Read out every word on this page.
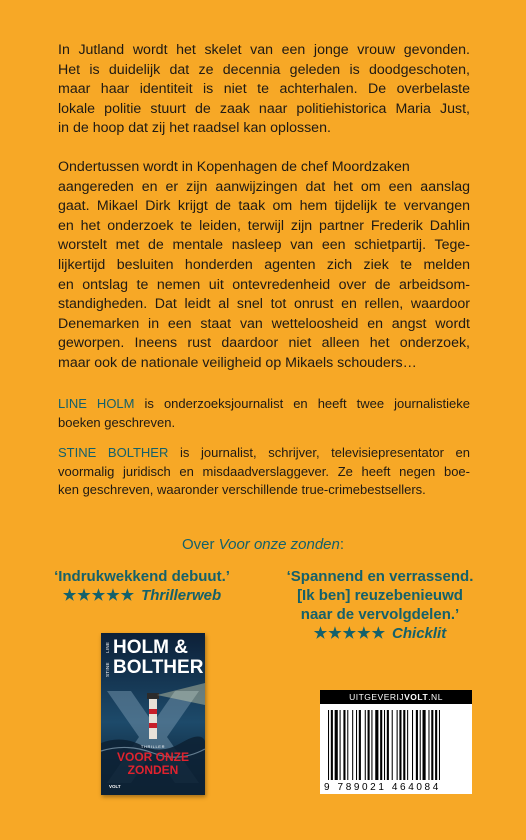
In Jutland wordt het skelet van een jonge vrouw gevonden.
Het is duidelijk dat ze decennia geleden is doodgeschoten,
maar haar identiteit is niet te achterhalen. De overbelaste
lokale politie stuurt de zaak naar politiehistorica Maria Just,
in de hoop dat zij het raadsel kan oplossen.

Ondertussen wordt in Kopenhagen de chef Moordzaken
aangereden en er zijn aanwijzingen dat het om een aanslag
gaat. Mikael Dirk krijgt de taak om hem tijdelijk te vervangen
en het onderzoek te leiden, terwijl zijn partner Frederik Dahlin
worstelt met de mentale nasleep van een schietpartij. Tege-
lijkertijd besluiten honderden agenten zich ziek te melden
en ontslag te nemen uit ontevredenheid over de arbeidsom-
standigheden. Dat leidt al snel tot onrust en rellen, waardoor
Denemarken in een staat van wetteloosheid en angst wordt
geworpen. Ineens rust daardoor niet alleen het onderzoek,
maar ook de nationale veiligheid op Mikaels schouders…

LINE HOLM is onderzoeksjournalist en heeft twee journalistieke
boeken geschreven.

STINE BOLTHER is journalist, schrijver, televisiepresentator en
voormalig juridisch en misdaadverslaggever. Ze heeft negen boe-
ken geschreven, waaronder verschillende true-crimebestsellers.

Over Voor onze zonden:
‘Indrukwekkend debuut.’
★★★★★ Thrillerweb
‘Spannend en verrassend.
[Ik ben] reuzebenieuwd
naar de vervolgdelen.’
★★★★★ Chicklit
LINE HOLM &
STINE BOLTHER
THRILLER
VOOR ONZE
ZONDEN
VOLT
UITGEVERIJVOLT.NL
9 789021 464084
